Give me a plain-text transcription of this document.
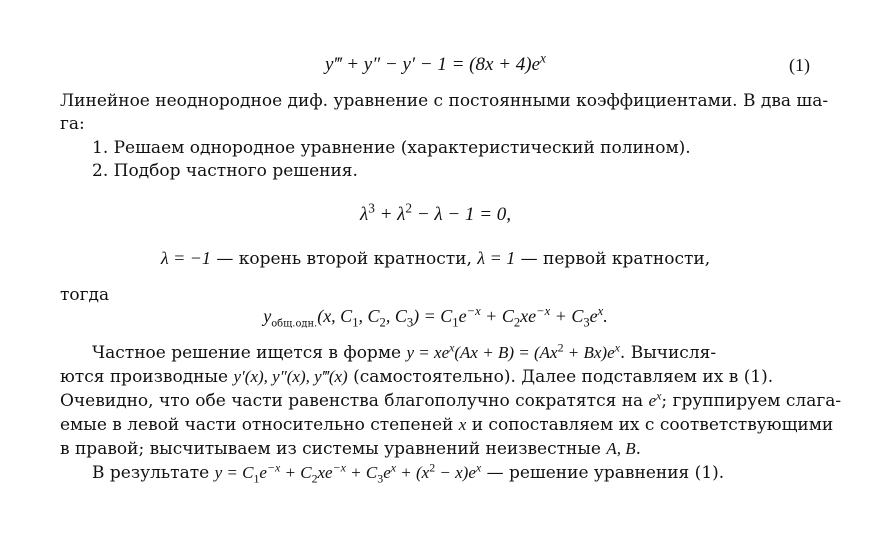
y‴ + $y'' - y' - 1 = (8x + 4)e^x$	(1)
Линейное неоднородное диф. уравнение с постоянными коэффициентами. В два ша-
га:
1. Решаем однородное уравнение (характеристический полином).
2. Подбор частного решения.
$\lambda^3 + \lambda^2 - \lambda - 1 = 0$,
λ = −1 — корень второй кратности, λ = 1 — первой кратности,
тогда
$y_{общ.одн.}(x$, $C_1$, $C_2$, $C_3) = C_1e^{-x} + C_2xe^{-x} + C_3e^x$.
Частное решение ищется в форме $y = xe^x(Ax + B) = (Ax^2 + Bx)e^x$. Вычисля-
ются производные y′(x), y″(x), y‴(x) (самостоятельно). Далее подставляем их в (1).
Очевидно, что обе части равенства благополучно сократятся на $e^x$; группируем слага-
емые в левой части относительно степеней x и сопоставляем их с соответствующими
в правой; высчитываем из системы уравнений неизвестные A, B.
В результате $y = C_1e^{-x} + C_2xe^{-x} + C_3e^x + (x^2 - x)e^x$ — решение уравнения (1).
